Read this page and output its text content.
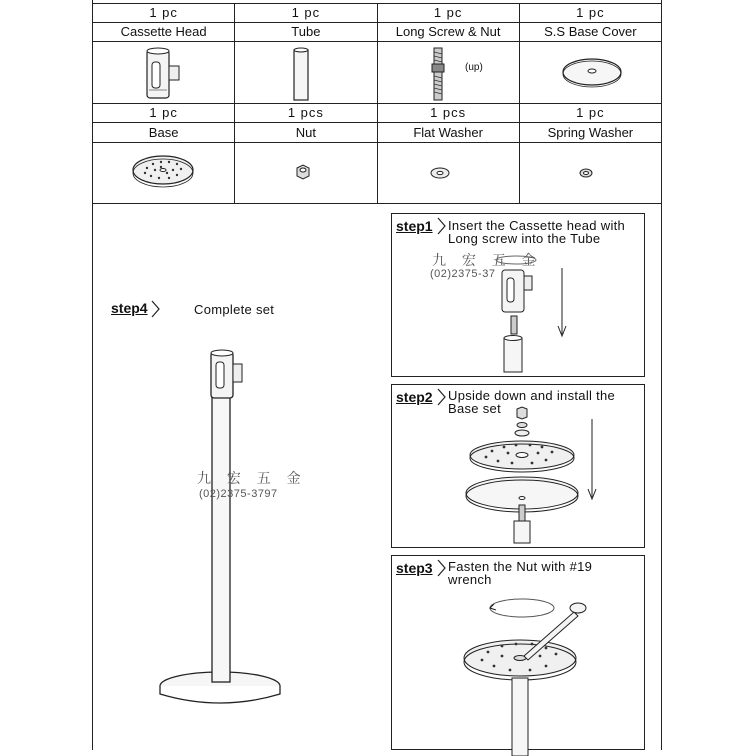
1 pc	1 pc	1 pc	1 pc
Cassette Head	Tube	Long Screw & Nut	S.S Base Cover
1 pc	1 pcs	1 pcs	1 pc
Base	Nut	Flat Washer	Spring Washer
(up)
step4	Complete set
九 宏 五 金
(02)2375-3797
step1 Insert the Cassette head with
Long screw into the Tube
九 宏 五 金
(02)2375-37
step2 Upside down and install the
Base set
step3 Fasten the Nut with #19
wrench
